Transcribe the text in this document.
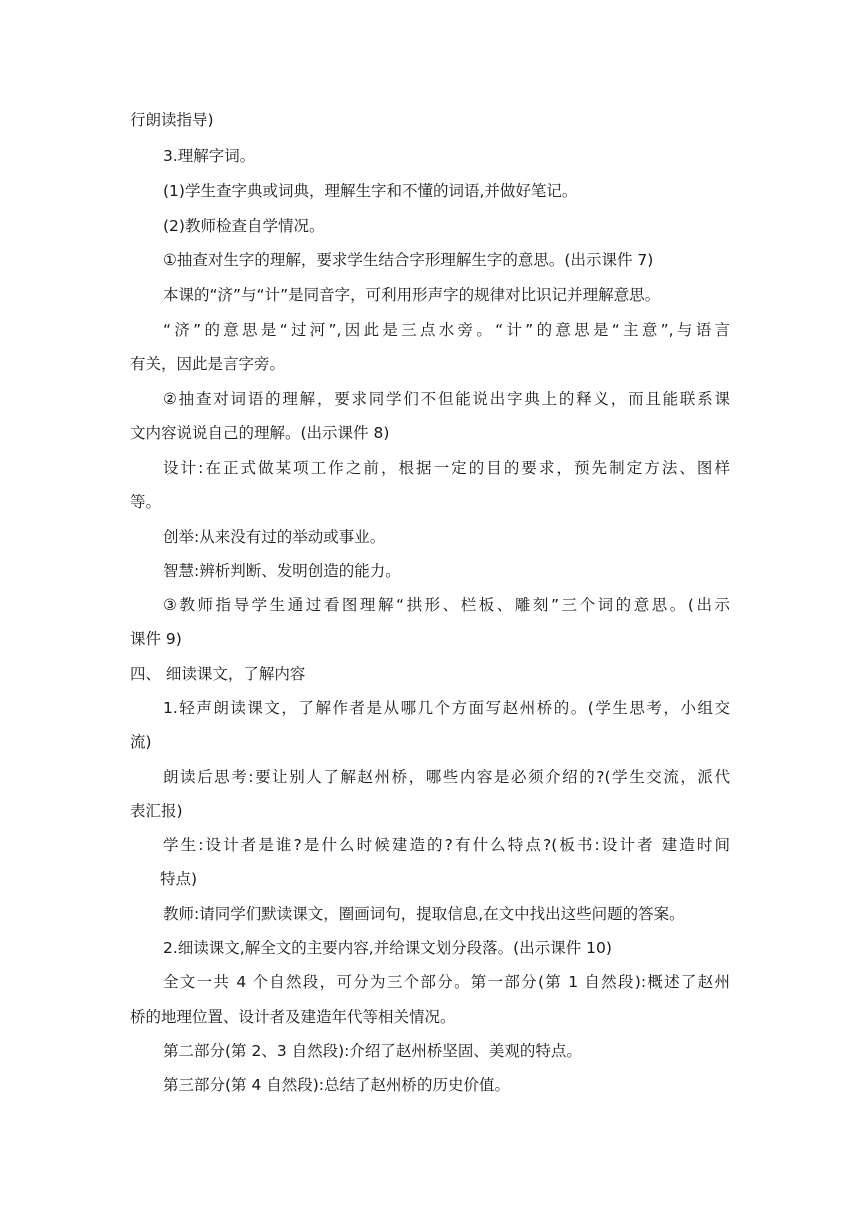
行朗读指导)
3.理解字词。
(1)学生查字典或词典，理解生字和不懂的词语,并做好笔记。
(2)教师检查自学情况。
①抽查对生字的理解，要求学生结合字形理解生字的意思。(出示课件 7)
本课的“济”与“计”是同音字，可利用形声字的规律对比识记并理解意思。
“济”的意思是“过河”,因此是三点水旁。“计”的意思是“主意”,与语言
有关，因此是言字旁。
②抽查对词语的理解，要求同学们不但能说出字典上的释义，而且能联系课
文内容说说自己的理解。(出示课件 8)
设计:在正式做某项工作之前，根据一定的目的要求，预先制定方法、图样
等。
创举:从来没有过的举动或事业。
智慧:辨析判断、发明创造的能力。
③教师指导学生通过看图理解“拱形、栏板、雕刻”三个词的意思。(出示
课件 9)
四、 细读课文，了解内容
1.轻声朗读课文，了解作者是从哪几个方面写赵州桥的。(学生思考，小组交
流)
朗读后思考:要让别人了解赵州桥，哪些内容是必须介绍的?(学生交流，派代
表汇报)
学生:设计者是谁?是什么时候建造的?有什么特点?(板书:设计者 建造时间
特点)
教师:请同学们默读课文，圈画词句，提取信息,在文中找出这些问题的答案。
2.细读课文,解全文的主要内容,并给课文划分段落。(出示课件 10)
全文一共 4 个自然段，可分为三个部分。第一部分(第 1 自然段):概述了赵州
桥的地理位置、设计者及建造年代等相关情况。
第二部分(第 2、3 自然段):介绍了赵州桥坚固、美观的特点。
第三部分(第 4 自然段):总结了赵州桥的历史价值。
